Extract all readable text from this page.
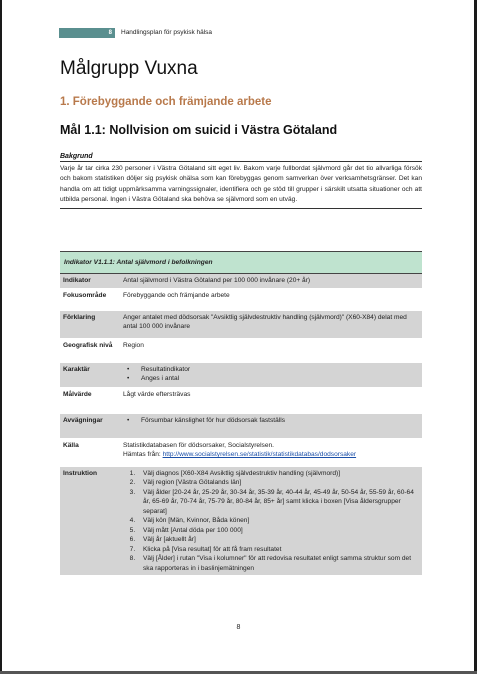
8	Handlingsplan för psykisk hälsa
Målgrupp Vuxna
1. Förebyggande och främjande arbete
Mål 1.1: Nollvision om suicid i Västra Götaland
Bakgrund
Varje år tar cirka 230 personer i Västra Götaland sitt eget liv. Bakom varje fullbordat självmord går det tio allvarliga försök och bakom statistiken döljer sig psykisk ohälsa som kan förebyggas genom samverkan över verksamhetsgränser. Det kan handla om att tidigt uppmärksamma varningssignaler, identifiera och ge stöd till grupper i särskilt utsatta situationer och att utbilda personal. Ingen i Västra Götaland ska behöva se självmord som en utväg.
Indikator V1.1.1: Antal självmord i befolkningen
Indikator	Antal självmord i Västra Götaland per 100 000 invånare (20+ år)
Fokusområde	Förebyggande och främjande arbete
Förklaring	Anger antalet med dödsorsak "Avsiktlig självdestruktiv handling (självmord)" (X60-X84) delat med antal 100 000 invånare
Geografisk nivå	Region
Karaktär	• Resultatindikator
• Anges i antal
Målvärde	Lågt värde eftersträvas
Avvägningar	• Försumbar känslighet för hur dödsorsak fastställs
Källa	Statistikdatabasen för dödsorsaker, Socialstyrelsen.
Hämtas från: http://www.socialstyrelsen.se/statistik/statistikdatabas/dodsorsaker
Instruktion	1. Välj diagnos [X60-X84 Avsiktlig självdestruktiv handling (självmord)]
2. Välj region [Västra Götalands län]
3. Välj ålder [20-24 år, 25-29 år, 30-34 år, 35-39 år, 40-44 år, 45-49 år, 50-54 år, 55-59 år, 60-64 år, 65-69 år, 70-74 år, 75-79 år, 80-84 år, 85+ år] samt klicka i boxen [Visa åldersgrupper separat]
4. Välj kön [Män, Kvinnor, Båda könen]
5. Välj mått [Antal döda per 100 000]
6. Välj år [aktuellt år]
7. Klicka på [Visa resultat] för att få fram resultatet
8. Välj [Ålder] i rutan "Visa i kolumner" för att redovisa resultatet enligt samma struktur som det ska rapporteras in i baslinjemätningen
8
